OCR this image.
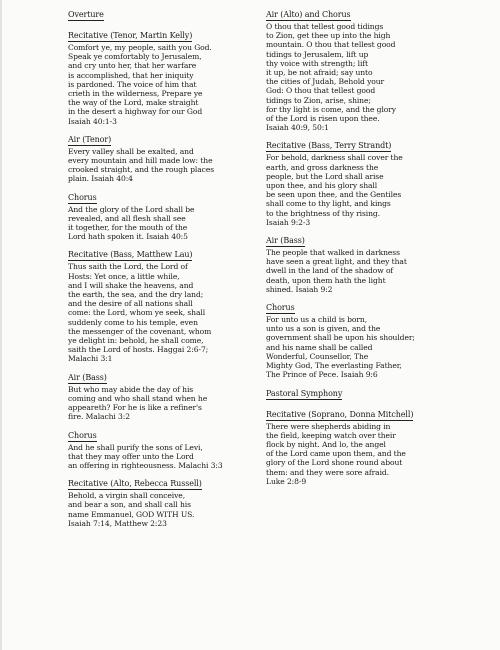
Overture
Recitative (Tenor, Martin Kelly)
Comfort ye, my people, saith you God.
Speak ye comfortably to Jerusalem,
and cry unto her, that her warfare
is accomplished, that her iniquity
is pardoned. The voice of him that
crieth in the wilderness, Prepare ye
the way of the Lord, make straight
in the desert a highway for our God
Isaiah 40:1-3
Air (Tenor)
Every valley shall be exalted, and
every mountain and hill made low: the
crooked straight, and the rough places
plain. Isaiah 40:4
Chorus
And the glory of the Lord shall be
revealed, and all flesh shall see
it together, for the mouth of the
Lord hath spoken it. Isaiah 40:5
Recitative (Bass, Matthew Lau)
Thus saith the Lord, the Lord of
Hosts: Yet once, a little while,
and I will shake the heavens, and
the earth, the sea, and the dry land;
and the desire of all nations shall
come: the Lord, whom ye seek, shall
suddenly come to his temple, even
the messenger of the covenant, whom
ye delight in: behold, he shall come,
saith the Lord of hosts. Haggai 2:6-7;
Malachi 3:1
Air (Bass)
But who may abide the day of his
coming and who shall stand when he
appeareth? For he is like a refiner's
fire. Malachi 3:2
Chorus
And he shall purify the sons of Levi,
that they may offer unto the Lord
an offering in righteousness. Malachi 3:3
Recitative (Alto, Rebecca Russell)
Behold, a virgin shall conceive,
and bear a son, and shall call his
name Emmanuel, GOD WITH US.
Isaiah 7:14, Matthew 2:23
Air (Alto) and Chorus
O thou that tellest good tidings
to Zion, get thee up into the high
mountain. O thou that tellest good
tidings to Jerusalem, lift up
thy voice with strength; lift
it up, be not afraid; say unto
the cities of Judah, Behold your
God: O thou that tellest good
tidings to Zion, arise, shine;
for thy light is come, and the glory
of the Lord is risen upon thee.
Isaiah 40:9, 50:1
Recitative (Bass, Terry Strandt)
For behold, darkness shall cover the
earth, and gross darkness the
people, but the Lord shall arise
upon thee, and his glory shall
be seen upon thee, and the Gentiles
shall come to thy light, and kings
to the brightness of thy rising.
Isaiah 9:2-3
Air (Bass)
The people that walked in darkness
have seen a great light, and they that
dwell in the land of the shadow of
death, upon them hath the light
shined. Isaiah 9:2
Chorus
For unto us a child is born,
unto us a son is given, and the
government shall be upon his shoulder;
and his name shall be called
Wonderful, Counsellor, The
Mighty God, The everlasting Father,
The Prince of Pece. Isaiah 9:6
Pastoral Symphony
Recitative (Soprano, Donna Mitchell)
There were shepherds abiding in
the field, keeping watch over their
flock by night. And lo, the angel
of the Lord came upon them, and the
glory of the Lord shone round about
them: and they were sore afraid.
Luke 2:8-9
